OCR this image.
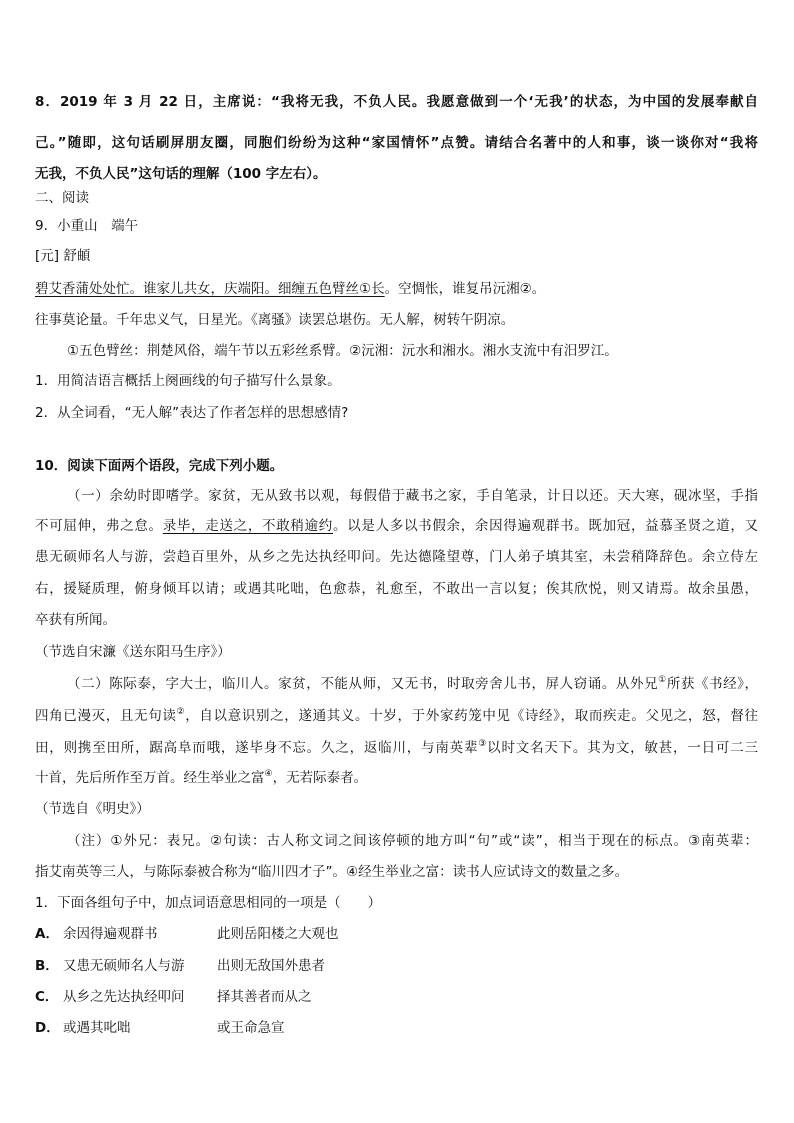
8．2019 年 3 月 22 日，主席说：“我将无我，不负人民。我愿意做到一个‘无我’的状态，为中国的发展奉献自
己。”随即，这句话刷屏朋友圈，同胞们纷纷为这种“家国情怀”点赞。请结合名著中的人和事，谈一谈你对“我将
无我，不负人民”这句话的理解（100 字左右）。
碧艾香蒲处处忙。谁家儿共女，庆端阳。细缠五色臂丝①长。空惆怅，谁复吊沅湘②。
往事莫论量。千年忠义气，日星光。《离骚》读罢总堪伤。无人解，树转午阴凉。
①五色臂丝：荆楚风俗，端午节以五彩丝系臂。②沅湘：沅水和湘水。湘水支流中有汨罗江。
（一）余幼时即嗜学。家贫，无从致书以观，每假借于藏书之家，手自笔录，计日以还。天大寒，砚冰坚，手指
不可屈伸，弗之怠。录毕，走送之，不敢稍逾约。以是人多以书假余，余因得遍观群书。既加冠，益慕圣贤之道，又
患无硕师名人与游，尝趋百里外，从乡之先达执经叩问。先达德隆望尊，门人弟子填其室，未尝稍降辞色。余立侍左
右，援疑质理，俯身倾耳以请；或遇其叱咄，色愈恭，礼愈至，不敢出一言以复；俟其欣悦，则又请焉。故余虽愚，
卒获有所闻。
（二）陈际泰，字大士，临川人。家贫，不能从师，又无书，时取旁舍儿书，屏人窃诵。从外兄①所获《书经》，
四角已漫灭，且无句读②，自以意识别之，遂通其义。十岁，于外家药笼中见《诗经》，取而疾走。父见之，怒，督往
田，则携至田所，踞高阜而哦，遂毕身不忘。久之，返临川，与南英辈③以时文名天下。其为文，敏甚，一日可二三
十首，先后所作至万首。经生举业之富④，无若际泰者。
（注）①外兄：表兄。②句读：古人称文词之间该停顿的地方叫“句”或“读”，相当于现在的标点。③南英辈：
指艾南英等三人，与陈际泰被合称为“临川四才子”。④经生举业之富：读书人应试诗文的数量之多。
二、阅读
9．小重山　端午
[元] 舒頔
1．用简洁语言概括上阕画线的句子描写什么景象。
2．从全词看，“无人解”表达了作者怎样的思想感情?
10．阅读下面两个语段，完成下列小题。
（节选自宋濂《送东阳马生序》）
（节选自《明史》）
1．下面各组句子中，加点词语意思相同的一项是（　　）
A． 余因得遍观群书	此则岳阳楼之大观也
B． 又患无硕师名人与游 出则无敌国外患者
C． 从乡之先达执经叩问 择其善者而从之
D． 或遇其叱咄	或王命急宣
